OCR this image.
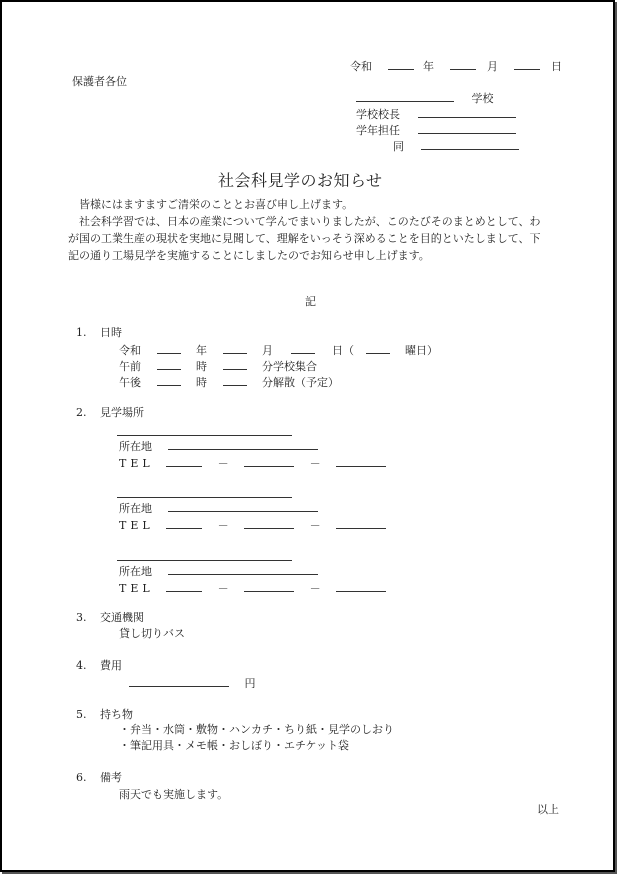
令和	年	月	日
保護者各位
学校
学校校長
学年担任
同
社会科見学のお知らせ

皆様にはますますご清栄のこととお喜び申し上げます。

社会科学習では、日本の産業について学んでまいりましたが、このたびそのまとめとして、わが国の工業生産の現状を実地に見聞して、理解をいっそう深めることを目的といたしまして、下記の通り工場見学を実施することにしましたのでお知らせ申し上げます。

記
1. 日時
令和	年	月	日（	曜日）
午前	時	分学校集合
午後	時	分解散（予定）
2. 見学場所
所在地
TEL	－	－
所在地
TEL	－	－
所在地
TEL	－	－
3. 交通機関
貸し切りバス
4. 費用
円
5. 持ち物
・弁当・水筒・敷物・ハンカチ・ちり紙・見学のしおり
・筆記用具・メモ帳・おしぼり・エチケット袋
6. 備考
雨天でも実施します。
以上
